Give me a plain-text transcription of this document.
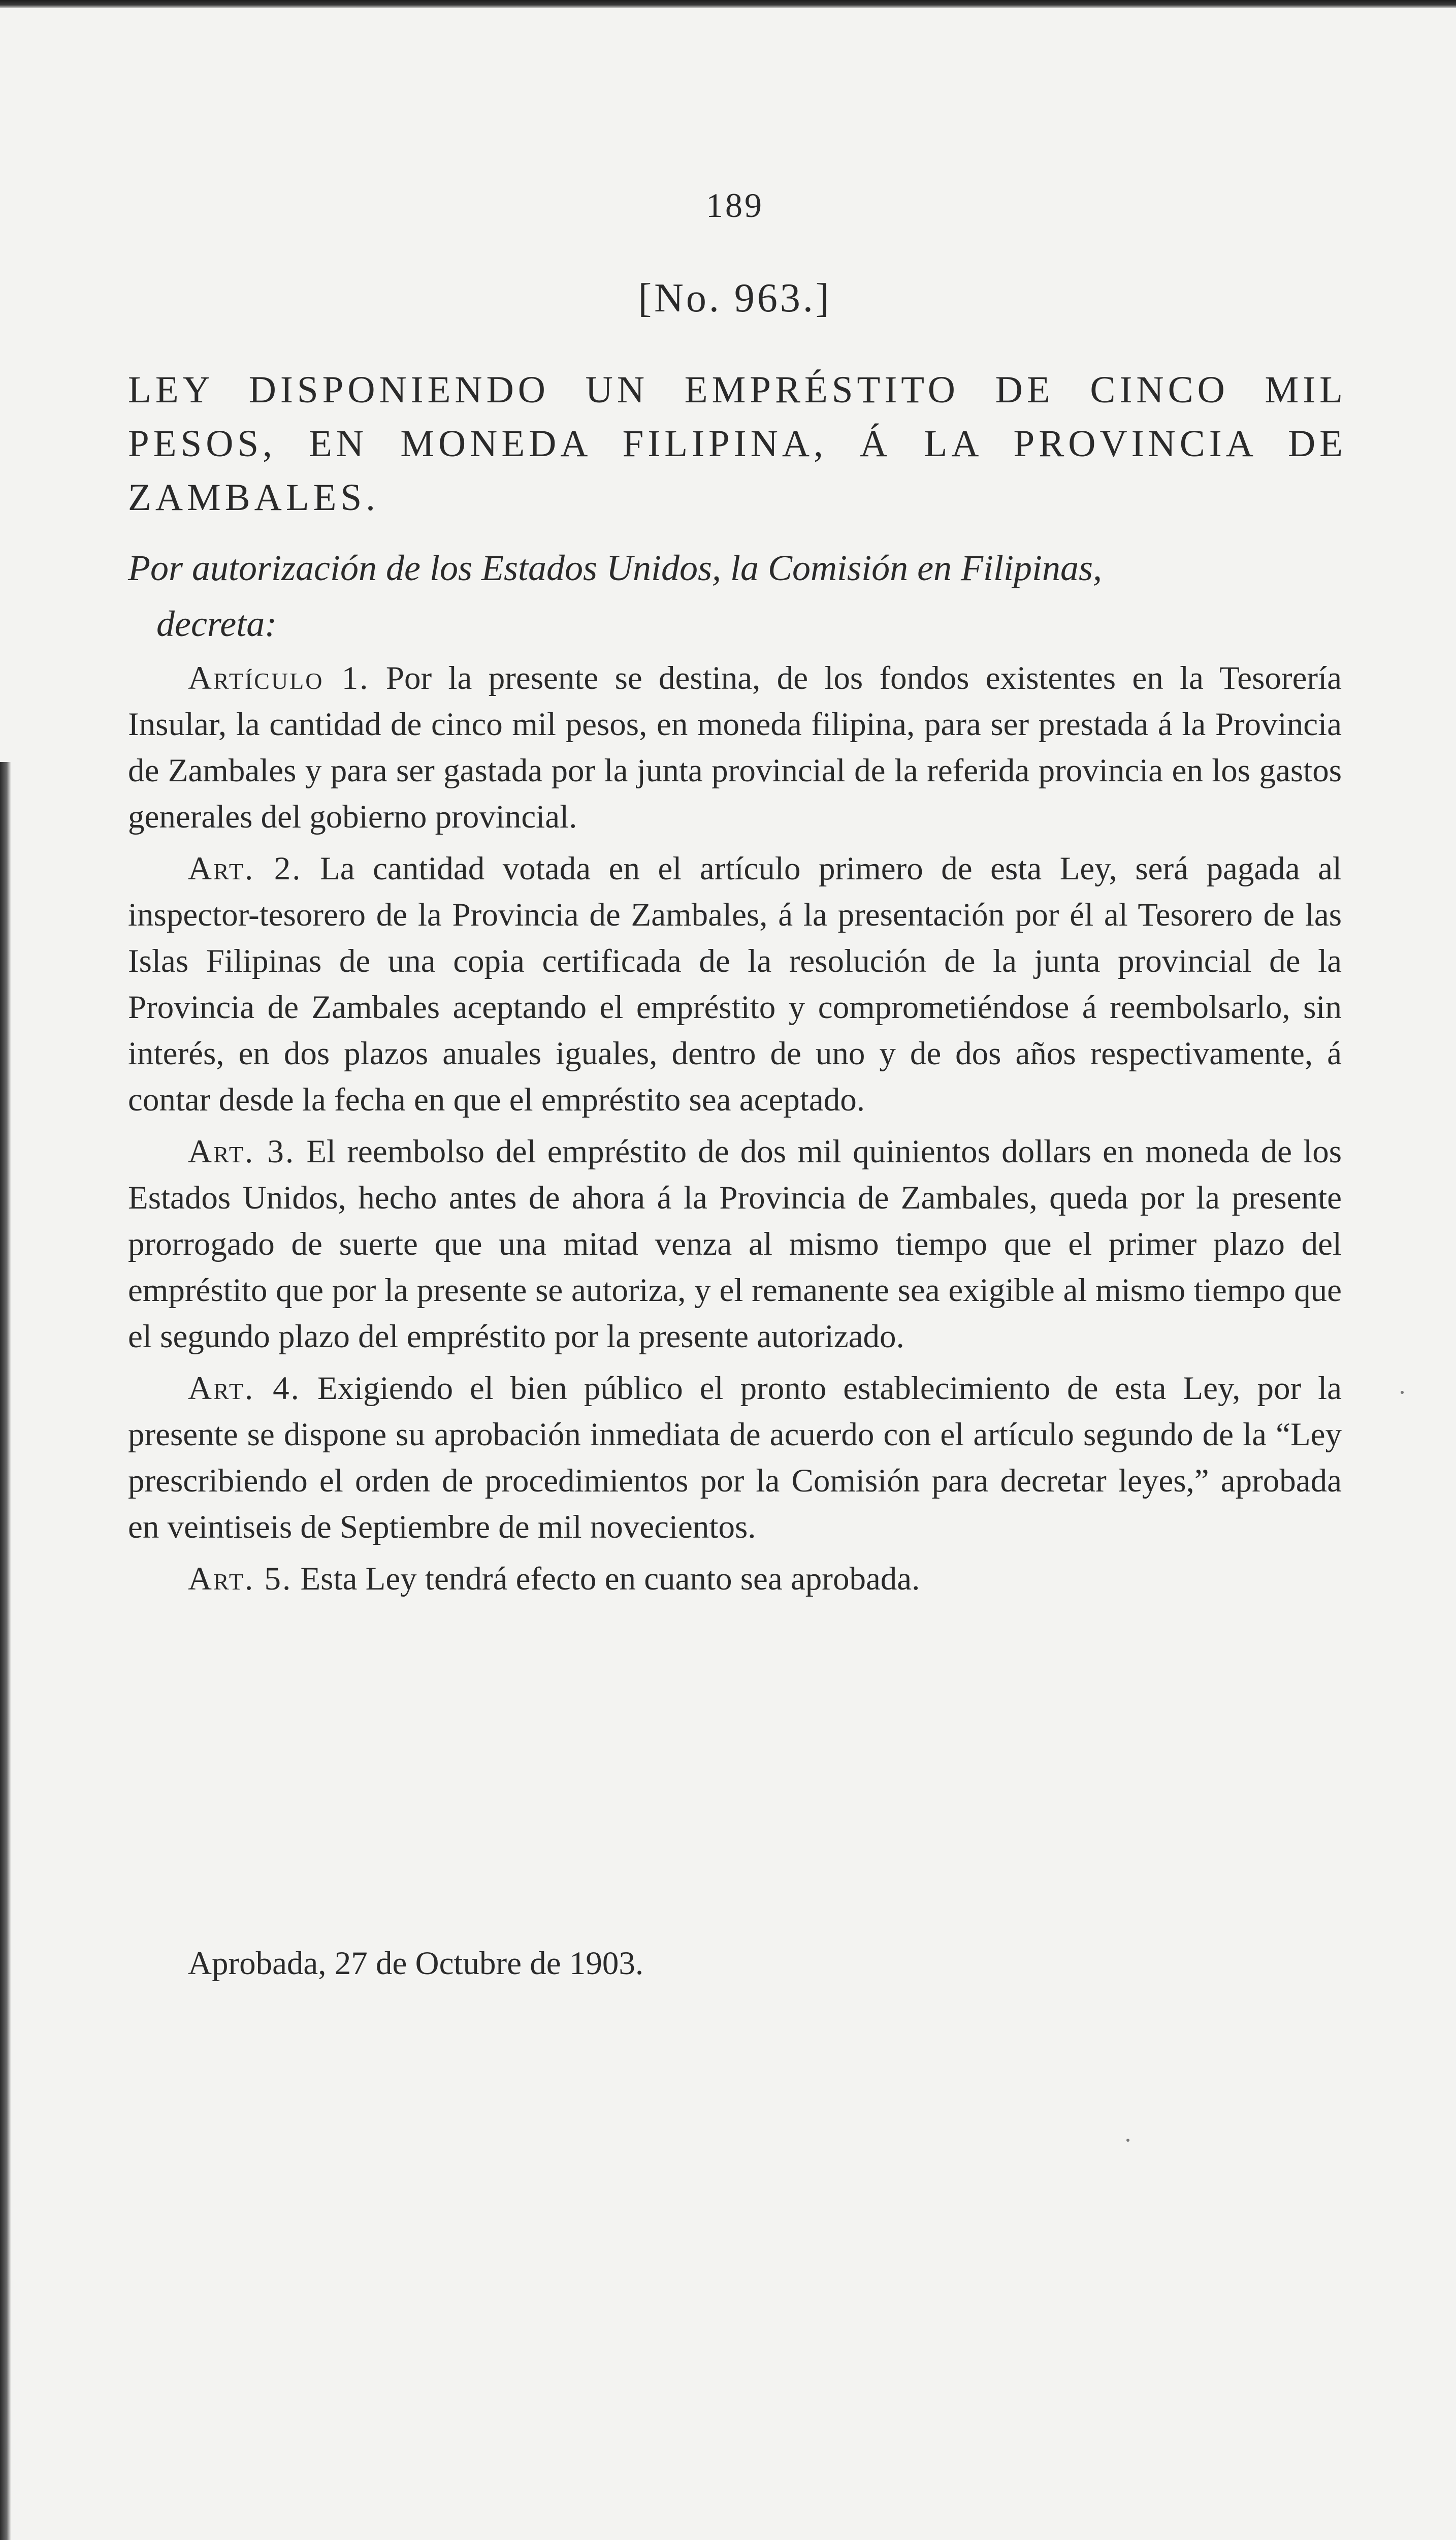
189
[No. 963.]
LEY DISPONIENDO UN EMPRÉSTITO DE CINCO MIL PESOS, EN MONEDA FILIPINA, Á LA PROVINCIA DE ZAMBALES.

Por autorización de los Estados Unidos, la Comisión en Filipinas,
decreta:

Artículo 1. Por la presente se destina, de los fondos existentes en la Tesorería Insular, la cantidad de cinco mil pesos, en moneda filipina, para ser prestada á la Provincia de Zambales y para ser gastada por la junta provincial de la referida provincia en los gastos generales del gobierno provincial.

Art. 2. La cantidad votada en el artículo primero de esta Ley, será pagada al inspector-tesorero de la Provincia de Zambales, á la presentación por él al Tesorero de las Islas Filipinas de una copia certificada de la resolución de la junta provincial de la Provincia de Zambales aceptando el empréstito y comprometiéndose á reembolsarlo, sin interés, en dos plazos anuales iguales, dentro de uno y de dos años respectivamente, á contar desde la fecha en que el empréstito sea aceptado.

Art. 3. El reembolso del empréstito de dos mil quinientos dollars en moneda de los Estados Unidos, hecho antes de ahora á la Provincia de Zambales, queda por la presente prorrogado de suerte que una mitad venza al mismo tiempo que el primer plazo del empréstito que por la presente se autoriza, y el remanente sea exigible al mismo tiempo que el segundo plazo del empréstito por la presente autorizado.

Art. 4. Exigiendo el bien público el pronto establecimiento de esta Ley, por la presente se dispone su aprobación inmediata de acuerdo con el artículo segundo de la “Ley prescribiendo el orden de procedimientos por la Comisión para decretar leyes,” aprobada en veintiseis de Septiembre de mil novecientos.

Art. 5. Esta Ley tendrá efecto en cuanto sea aprobada.

Aprobada, 27 de Octubre de 1903.
